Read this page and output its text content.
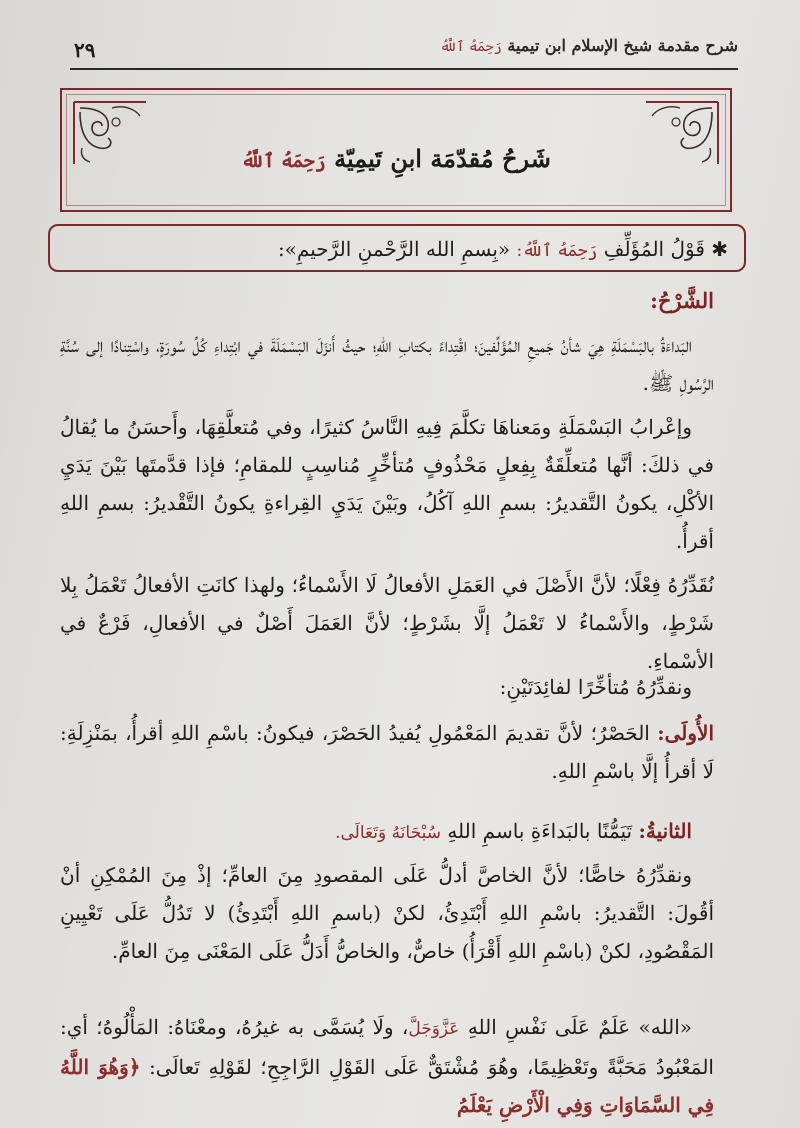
شرح مقدمة شيخ الإسلام ابن تيمية رَحِمَهُ ٱللَّهُ
٢٩
شَرحُ مُقدّمَة ابنِ تَيمِيّة رَحِمَهُ ٱللَّهُ
✱ قَوْلُ المُؤَلِّفِ رَحِمَهُ ٱللَّهُ: «بِسمِ الله الرَّحْمنِ الرَّحيمِ»:

الشَّرْحُ:

البَداءَةُ بالبَسْمَلَةِ هِيَ شأنُ جَميعِ المُؤَلِّفينَ؛ اقْتِداءً بكتابِ اللهِ؛ حيثُ أَنزَلَ البَسْمَلَةَ في ابْتِداءِ كُلِّ سُورَةٍ، واسْتِنادًا إلى سُنَّةِ الرَّسُولِ ﷺ.

وإعْرابُ البَسْمَلَةِ ومَعناهَا تكلَّمَ فِيهِ النَّاسُ كثيرًا، وفي مُتعلَّقِهَا، وأَحسَنُ ما يُقالُ في ذلكَ: أنَّها مُتعلِّقَةٌ بِفِعلٍ مَحْذُوفٍ مُتأخِّرٍ مُناسِبٍ للمقامِ؛ فإذا قدَّمتَها بَيْنَ يَدَيِ الأكْلِ، يكونُ التَّقديرُ: بسمِ اللهِ آكُلُ، وبَيْنَ يَدَيِ القِراءةِ يكونُ التَّقْديرُ: بسمِ اللهِ أقرأُ.

نُقَدِّرُهُ فِعْلًا؛ لأنَّ الأَصْلَ في العَمَلِ الأفعالُ لَا الأَسْماءُ؛ ولهذا كانَتِ الأفعالُ تَعْمَلُ بِلا شَرْطٍ، والأَسْماءُ لا تَعْمَلُ إلَّا بشَرْطٍ؛ لأنَّ العَمَلَ أَصْلٌ في الأفعالِ، فَرْعٌ في الأسْماءِ.

ونقدِّرُهُ مُتأخِّرًا لفائِدَتَيْنِ:

الأُولَى: الحَصْرُ؛ لأنَّ تقديمَ المَعْمُولِ يُفيدُ الحَصْرَ، فيكونُ: باسْمِ اللهِ أقرأُ، بمَنْزِلَةِ: لَا أقرأُ إلَّا باسْمِ اللهِ.

الثانيةُ: تَيَمُّنًا بالبَداءَةِ باسمِ اللهِ سُبْحَانَهُ وَتَعَالَى.

ونقدِّرُهُ خاصًّا؛ لأنَّ الخاصَّ أدلُّ عَلَى المقصودِ مِنَ العامِّ؛ إذْ مِنَ المُمْكِنِ أنْ أقُولَ: التَّقديرُ: باسْمِ اللهِ أَبْتَدِئُ، لكنْ (باسمِ اللهِ أَبْتَدِئُ) لا تَدُلُّ عَلَى تَعْيِينِ المَقْصُودِ، لكنْ (باسْمِ اللهِ أَقْرَأُ) خاصٌّ، والخاصُّ أَدَلُّ عَلَى المَعْنَى مِنَ العامِّ.

«الله» عَلَمٌ عَلَى نَفْسِ اللهِ عَزَّوَجَلَّ، ولَا يُسَمَّى به غيرُهُ، ومعْنَاهُ: المَأْلُوهُ؛ أي: المَعْبُودُ مَحَبَّةً وتَعْظِيمًا، وهُوَ مُشْتَقٌّ عَلَى القَوْلِ الرَّاجِحِ؛ لقَوْلِهِ تَعالَى: ﴿وَهُوَ اللَّهُ فِي السَّمَاوَاتِ وَفِي الْأَرْضِ يَعْلَمُ
